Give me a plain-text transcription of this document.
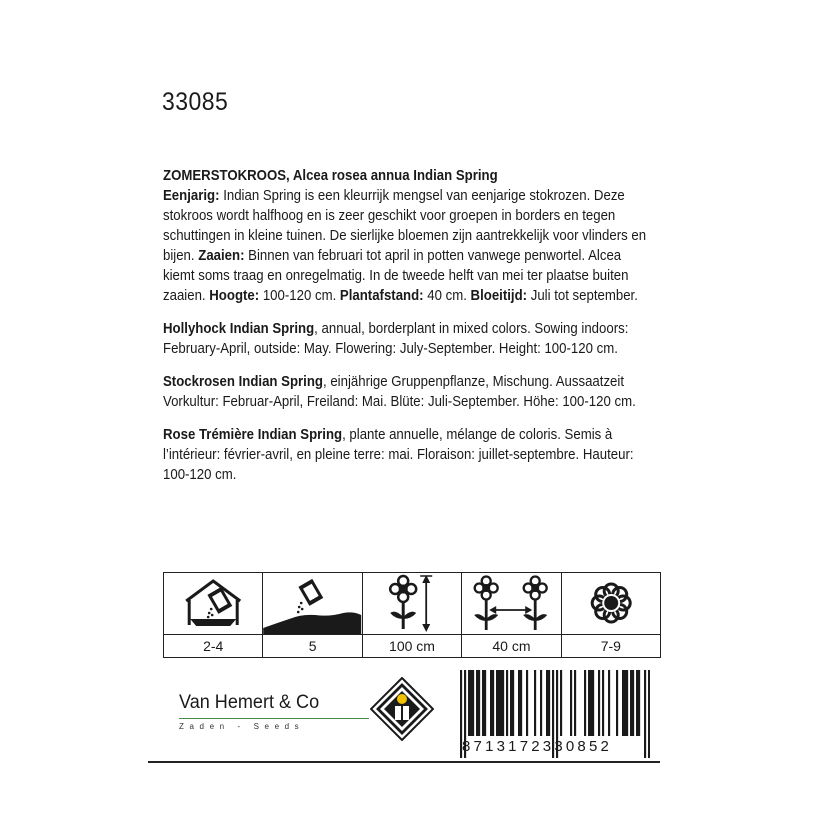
33085

ZOMERSTOKROOS, Alcea rosea annua Indian Spring
Eenjarig: Indian Spring is een kleurrijk mengsel van eenjarige stokrozen. Deze stokroos wordt halfhoog en is zeer geschikt voor groepen in borders en tegen schuttingen in kleine tuinen. De sierlijke bloemen zijn aantrekkelijk voor vlinders en bijen. Zaaien: Binnen van februari tot april in potten vanwege penwortel. Alcea kiemt soms traag en onregelmatig. In de tweede helft van mei ter plaatse buiten zaaien. Hoogte: 100-120 cm. Plantafstand: 40 cm. Bloeitijd: Juli tot september.

Hollyhock Indian Spring, annual, borderplant in mixed colors. Sowing indoors: February-April, outside: May. Flowering: July-September. Height: 100-120 cm.

Stockrosen Indian Spring, einjährige Gruppenpflanze, Mischung. Aussaatzeit Vorkultur: Februar-April, Freiland: Mai. Blüte: Juli-September. Höhe: 100-120 cm.

Rose Trémière Indian Spring, plante annuelle, mélange de coloris. Semis à l’intérieur: février-avril, en pleine terre: mai. Floraison: juillet-septembre. Hauteur: 100-120 cm.

2-4	5	100 cm	40 cm	7-9
Van Hemert & Co
Zaden - Seeds
8713172330852
